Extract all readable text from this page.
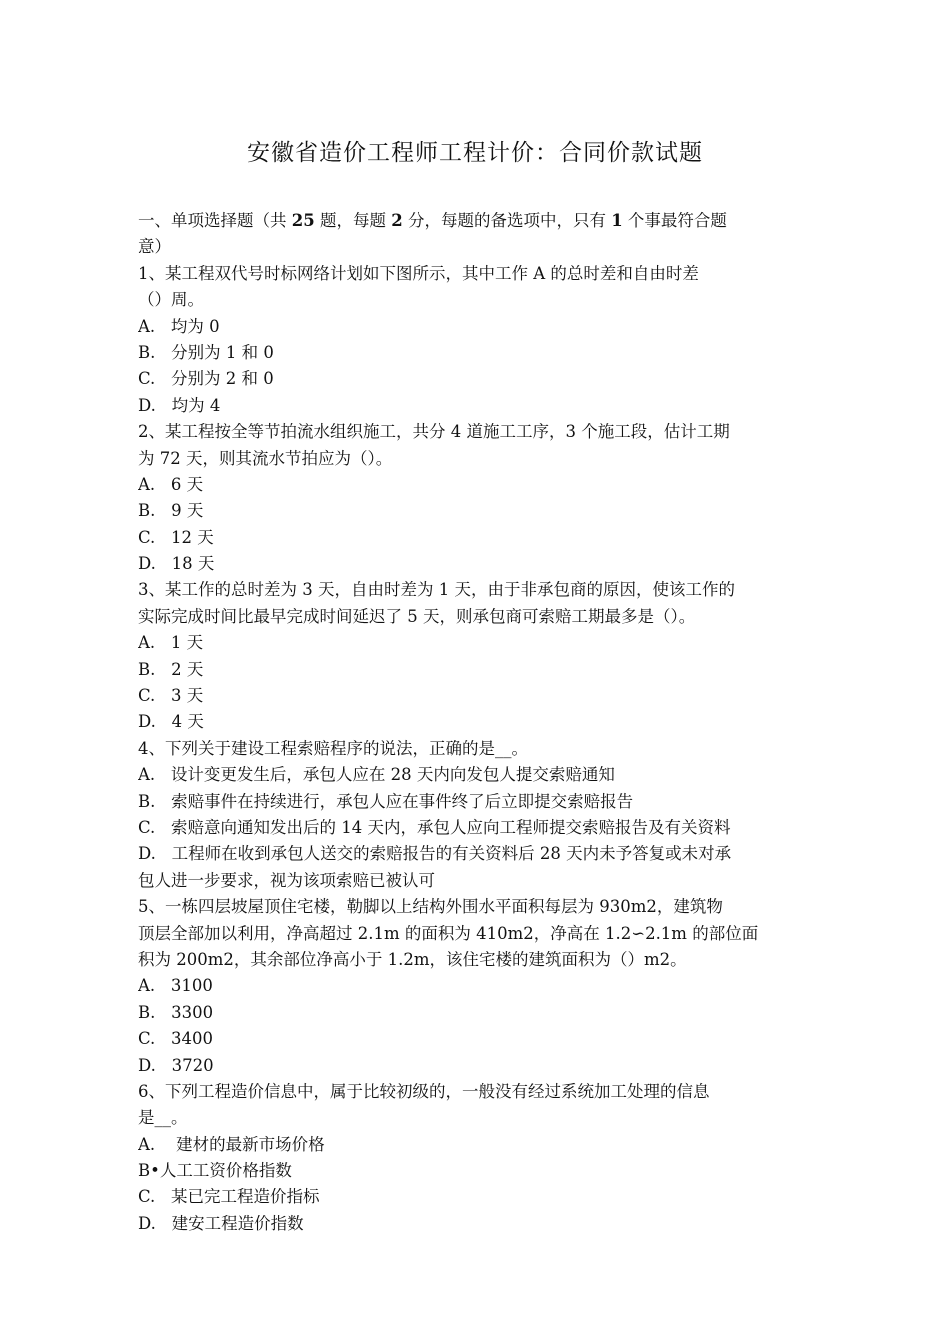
安徽省造价工程师工程计价：合同价款试题
一、单项选择题（共 25 题，每题 2 分，每题的备选项中，只有 1 个事最符合题
意）
1、某工程双代号时标网络计划如下图所示，其中工作 A 的总时差和自由时差
（）周。
A.   均为 0
B.   分别为 1 和 0
C.   分别为 2 和 0
D.   均为 4
2、某工程按全等节拍流水组织施工，共分 4 道施工工序，3 个施工段，估计工期
为 72 天，则其流水节拍应为（）。
A.   6 天
B.   9 天
C.   12 天
D.   18 天
3、某工作的总时差为 3 天，自由时差为 1 天，由于非承包商的原因，使该工作的
实际完成时间比最早完成时间延迟了 5 天，则承包商可索赔工期最多是（）。
A.   1 天
B.   2 天
C.   3 天
D.   4 天
4、下列关于建设工程索赔程序的说法，正确的是__。
A.   设计变更发生后，承包人应在 28 天内向发包人提交索赔通知
B.   索赔事件在持续进行，承包人应在事件终了后立即提交索赔报告
C.   索赔意向通知发出后的 14 天内，承包人应向工程师提交索赔报告及有关资料
D.   工程师在收到承包人送交的索赔报告的有关资料后 28 天内未予答复或未对承
包人进一步要求，视为该项索赔已被认可
5、一栋四层坡屋顶住宅楼，勒脚以上结构外围水平面积每层为 930m2，建筑物
顶层全部加以利用，净高超过 2.1m 的面积为 410m2，净高在 1.2∽2.1m 的部位面
积为 200m2，其余部位净高小于 1.2m，该住宅楼的建筑面积为（）m2。
A.   3100
B.   3300
C.   3400
D.   3720
6、下列工程造价信息中，属于比较初级的，一般没有经过系统加工处理的信息
是__。
A.    建材的最新市场价格
B•人工工资价格指数
C.   某已完工程造价指标
D.   建安工程造价指数
